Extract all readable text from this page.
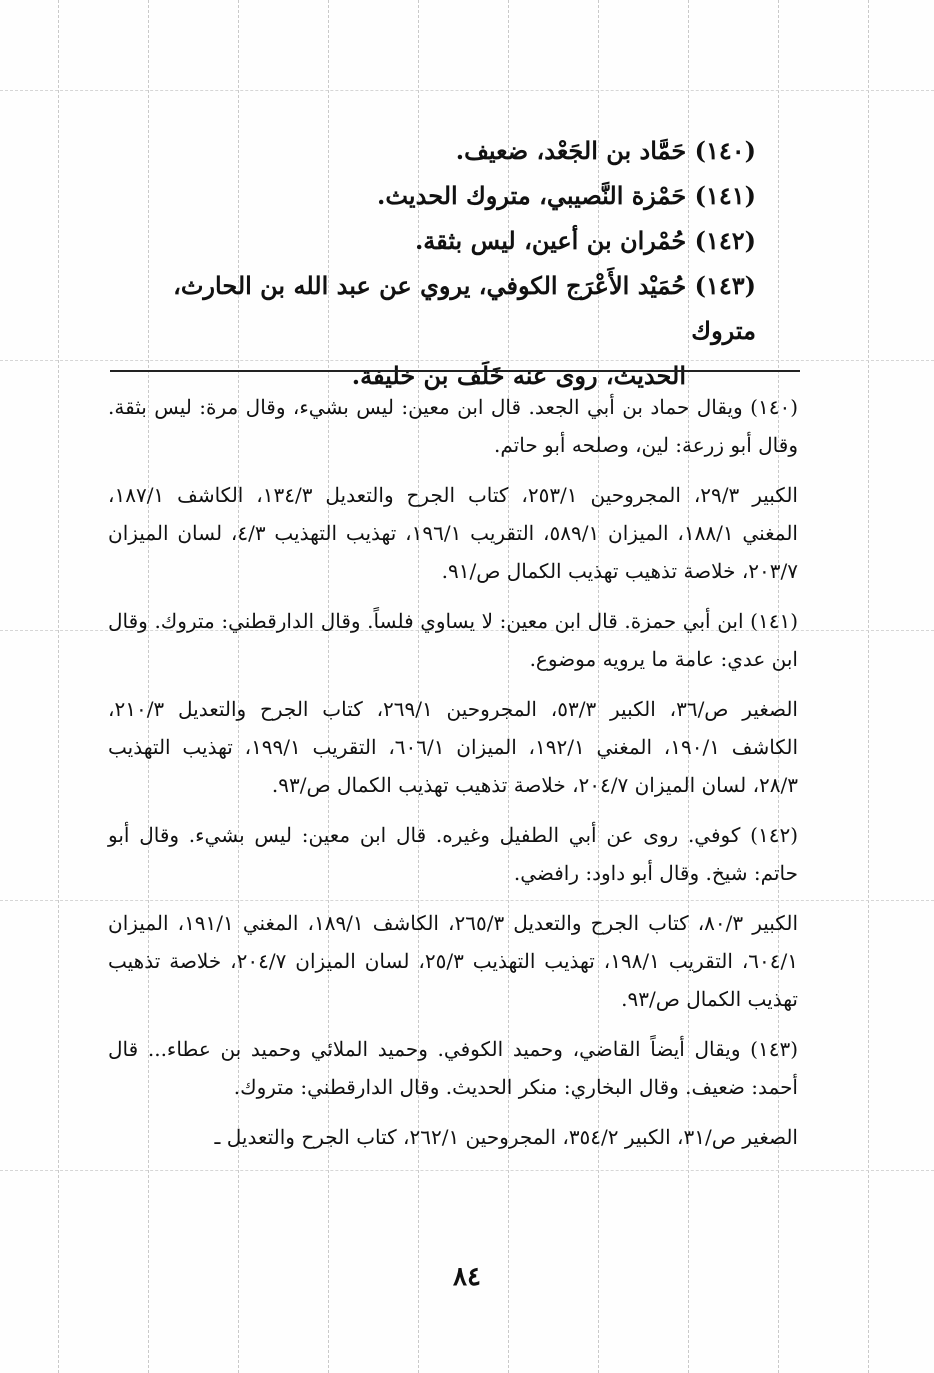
(١٤٠) حَمَّاد بن الجَعْد، ضعيف.

(١٤١) حَمْزة النَّصيبي، متروك الحديث.

(١٤٢) حُمْران بن أعين، ليس بثقة.

(١٤٣) حُمَيْد الأَعْرَج الكوفي، يروي عن عبد الله بن الحارث، متروك

الحديث، روى عنه خَلَف بن خليفة.

(١٤٠) ويقال حماد بن أبي الجعد. قال ابن معين: ليس بشيء، وقال مرة: ليس بثقة. وقال أبو زرعة: لين، وصلحه أبو حاتم.

الكبير ٢٩/٣، المجروحين ٢٥٣/١، كتاب الجرح والتعديل ١٣٤/٣، الكاشف ١٨٧/١، المغني ١٨٨/١، الميزان ٥٨٩/١، التقريب ١٩٦/١، تهذيب التهذيب ٤/٣، لسان الميزان ٢٠٣/٧، خلاصة تذهيب تهذيب الكمال ص/٩١.

(١٤١) ابن أبي حمزة. قال ابن معين: لا يساوي فلساً. وقال الدارقطني: متروك. وقال ابن عدي: عامة ما يرويه موضوع.

الصغير ص/٣٦، الكبير ٥٣/٣، المجروحين ٢٦٩/١، كتاب الجرح والتعديل ٢١٠/٣، الكاشف ١٩٠/١، المغني ١٩٢/١، الميزان ٦٠٦/١، التقريب ١٩٩/١، تهذيب التهذيب ٢٨/٣، لسان الميزان ٢٠٤/٧، خلاصة تذهيب تهذيب الكمال ص/٩٣.

(١٤٢) كوفي. روى عن أبي الطفيل وغيره. قال ابن معين: ليس بشيء. وقال أبو حاتم: شيخ. وقال أبو داود: رافضي.

الكبير ٨٠/٣، كتاب الجرح والتعديل ٢٦٥/٣، الكاشف ١٨٩/١، المغني ١٩١/١، الميزان ٦٠٤/١، التقريب ١٩٨/١، تهذيب التهذيب ٢٥/٣، لسان الميزان ٢٠٤/٧، خلاصة تذهيب تهذيب الكمال ص/٩٣.

(١٤٣) ويقال أيضاً القاضي، وحميد الكوفي. وحميد الملائي وحميد بن عطاء... قال أحمد: ضعيف. وقال البخاري: منكر الحديث. وقال الدارقطني: متروك.

الصغير ص/٣١، الكبير ٣٥٤/٢، المجروحين ٢٦٢/١، كتاب الجرح والتعديل ـ

٨٤
